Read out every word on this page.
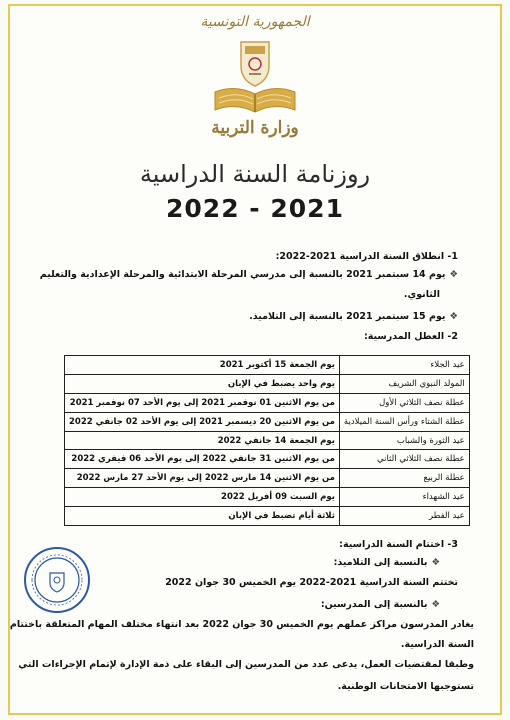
الجمهورية التونسية
وزارة التربية
روزنامة السنة الدراسية
2022 - 2021
1- انطلاق السنة الدراسية 2021-2022:
❖يوم 14 سبتمبر 2021 بالنسبة إلى مدرسي المرحلة الابتدائية والمرحلة الإعدادية والتعليم
الثانوي.
❖يوم 15 سبتمبر 2021 بالنسبة إلى التلاميذ.
2- العطل المدرسية:
عيد الجلاء	يوم الجمعة 15 أكتوبر 2021
المولد النبوي الشريف	يوم واحد يضبط في الإبان
عطلة نصف الثلاثي الأول	من يوم الاثنين 01 نوفمبر 2021 إلى يوم الأحد 07 نوفمبر 2021
عطلة الشتاء ورأس السنة الميلادية	من يوم الاثنين 20 ديسمبر 2021 إلى يوم الأحد 02 جانفي 2022
عيد الثورة والشباب	يوم الجمعة 14 جانفي 2022
عطلة نصف الثلاثي الثاني	من يوم الاثنين 31 جانفي 2022 إلى يوم الأحد 06 فيفري 2022
عطلة الربيع	من يوم الاثنين 14 مارس 2022 إلى يوم الأحد 27 مارس 2022
عيد الشهداء	يوم السبت 09 أفريل 2022
عيد الفطر	ثلاثة أيام تضبط في الإبان
3- اختتام السنة الدراسية:
❖بالنسبة إلى التلاميذ:
تختتم السنة الدراسية 2021-2022 يوم الخميس 30 جوان 2022
❖بالنسبة إلى المدرسين:
يغادر المدرسون مراكز عملهم يوم الخميس 30 جوان 2022 بعد انتهاء مختلف المهام المتعلقة باختتام
السنة الدراسية.
وطبقا لمقتضيات العمل، يدعى عدد من المدرسين إلى البقاء على ذمة الإدارة لإتمام الإجراءات التي
تستوجبها الامتحانات الوطنية.
